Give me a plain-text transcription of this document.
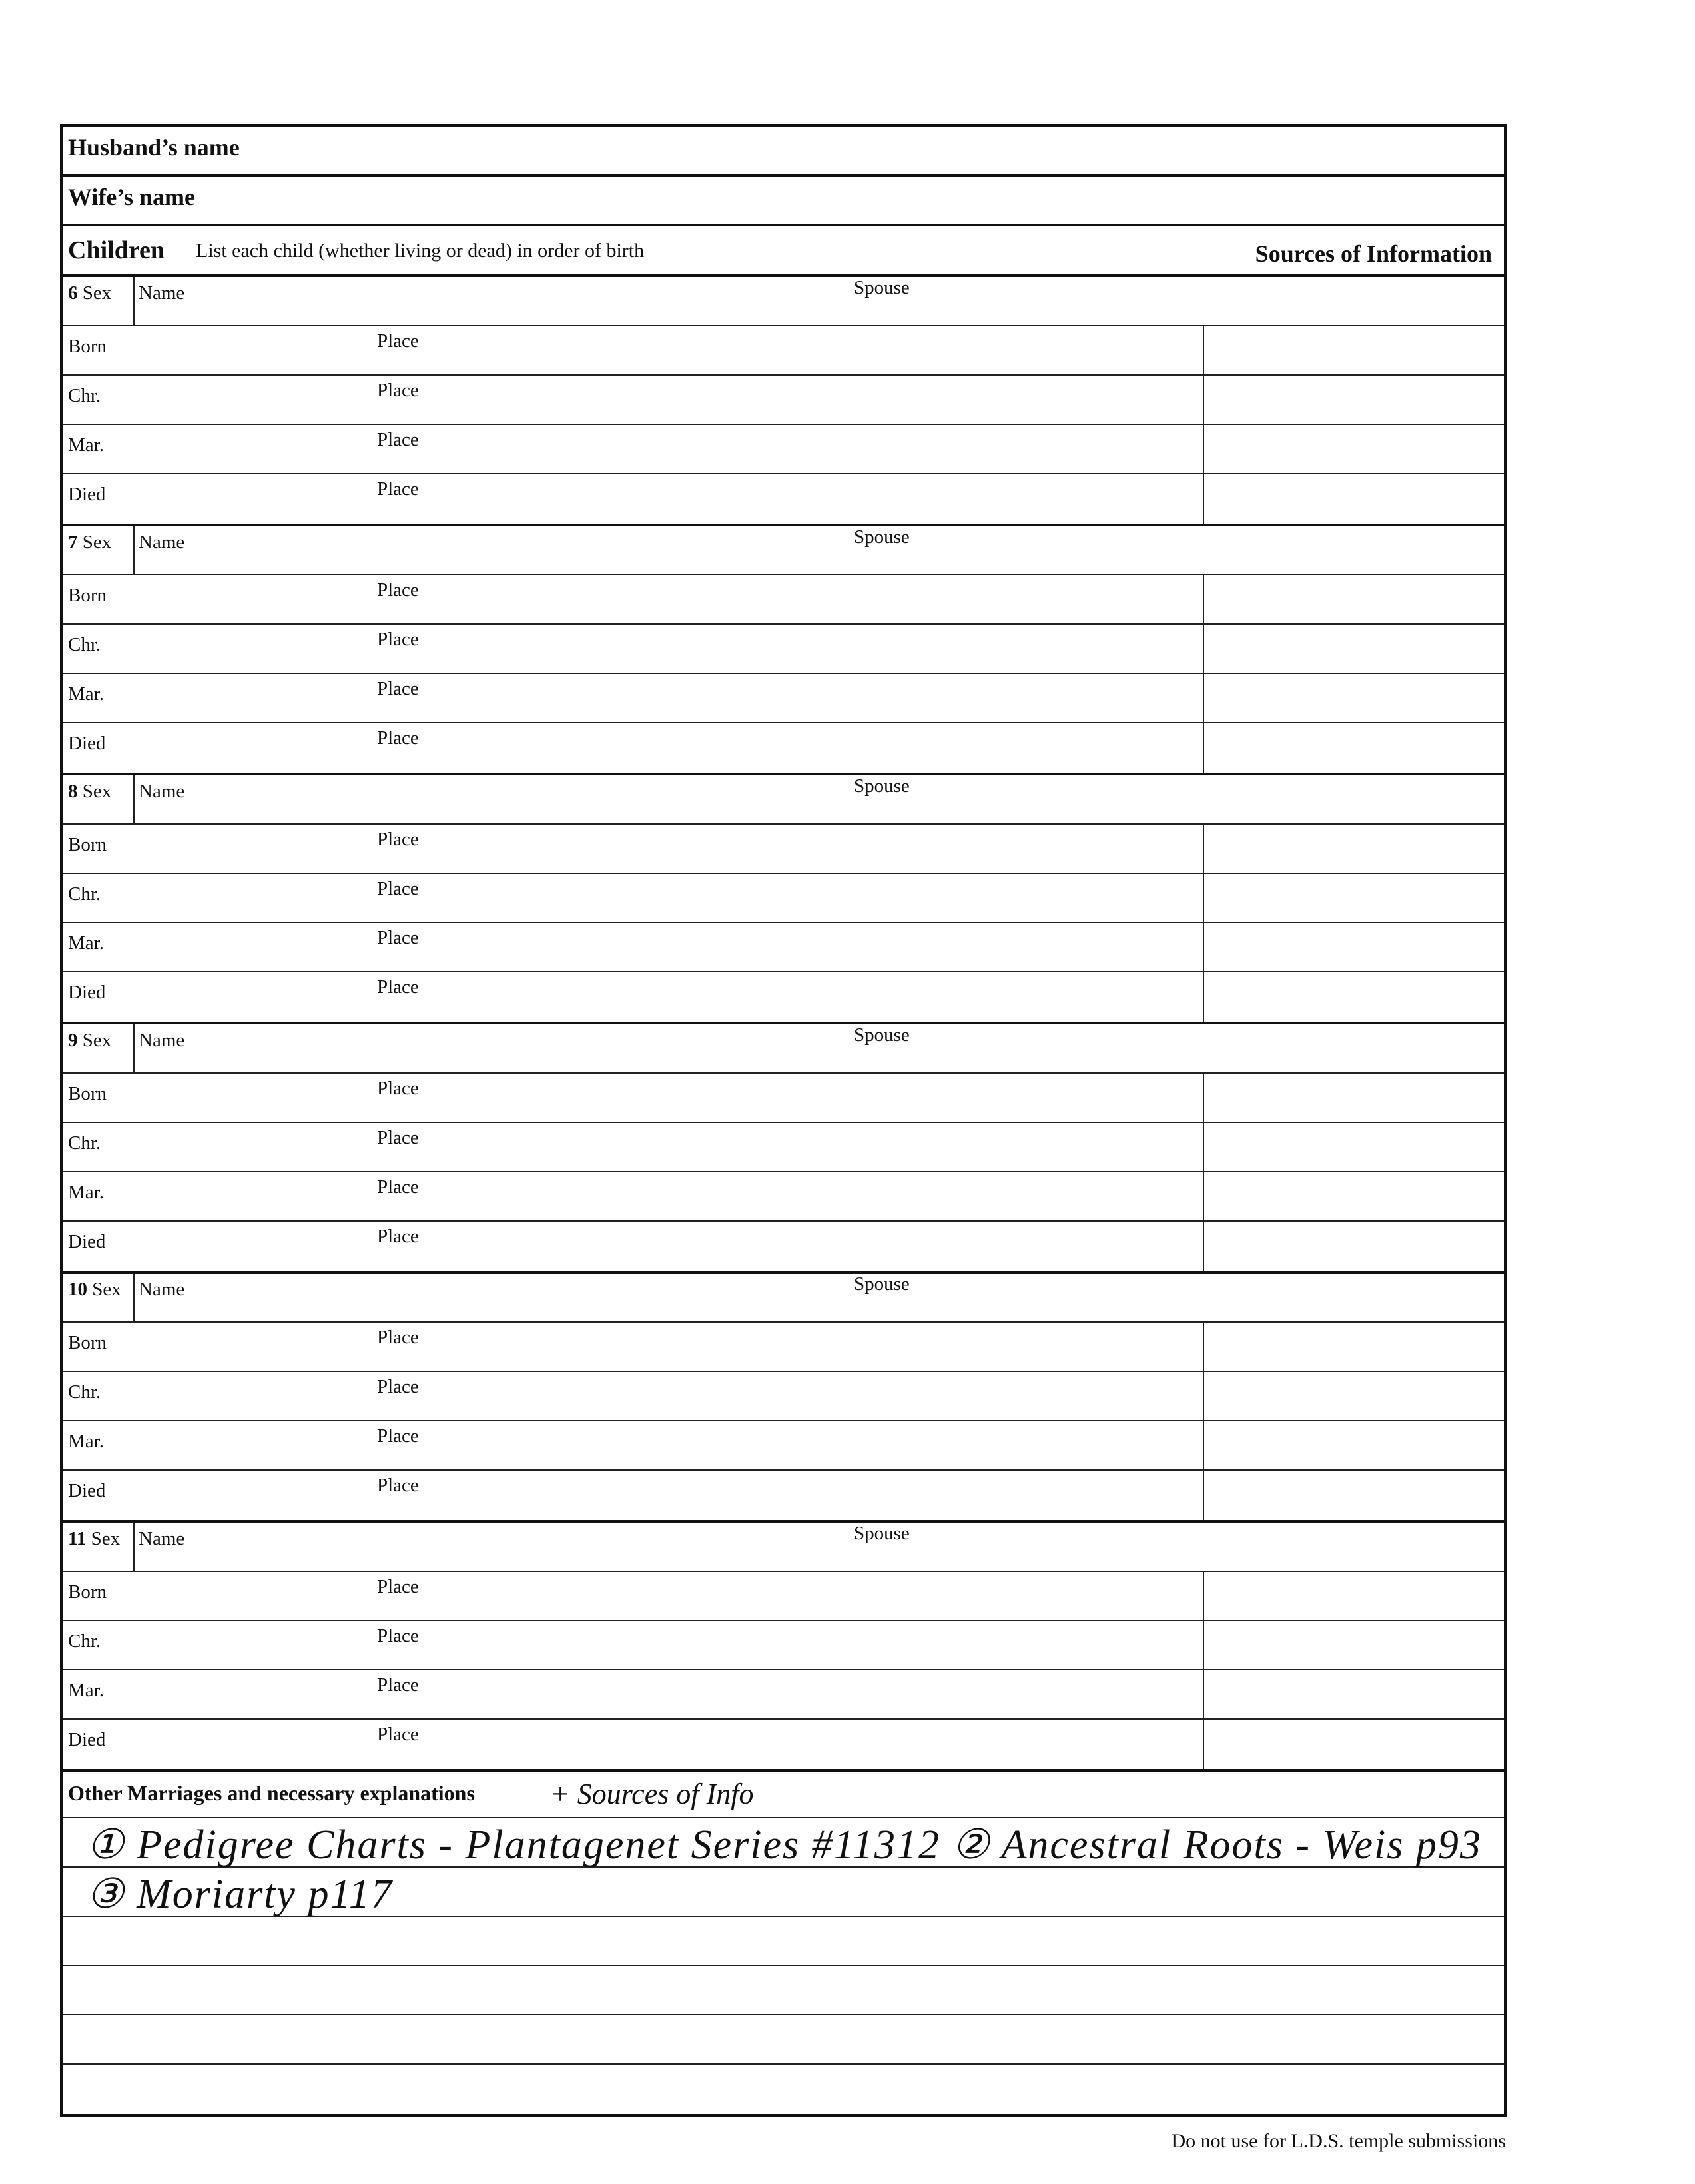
Husband’s name
Wife’s name
Children List each child (whether living or dead) in order of birth	Sources of Information
6 Sex Name	Spouse
Born	Place
Chr.	Place
Mar.	Place
Died	Place
7 Sex Name	Spouse
Born	Place
Chr.	Place
Mar.	Place
Died	Place
8 Sex Name	Spouse
Born	Place
Chr.	Place
Mar.	Place
Died	Place
9 Sex Name	Spouse
Born	Place
Chr.	Place
Mar.	Place
Died	Place
10 Sex Name	Spouse
Born	Place
Chr.	Place
Mar.	Place
Died	Place
11 Sex Name	Spouse
Born	Place
Chr.	Place
Mar.	Place
Died	Place
Other Marriages and necessary explanations	+ Sources of Info
① Pedigree Charts - Plantagenet Series #11312 ② Ancestral Roots - Weis p93
③ Moriarty p117
Do not use for L.D.S. temple submissions
